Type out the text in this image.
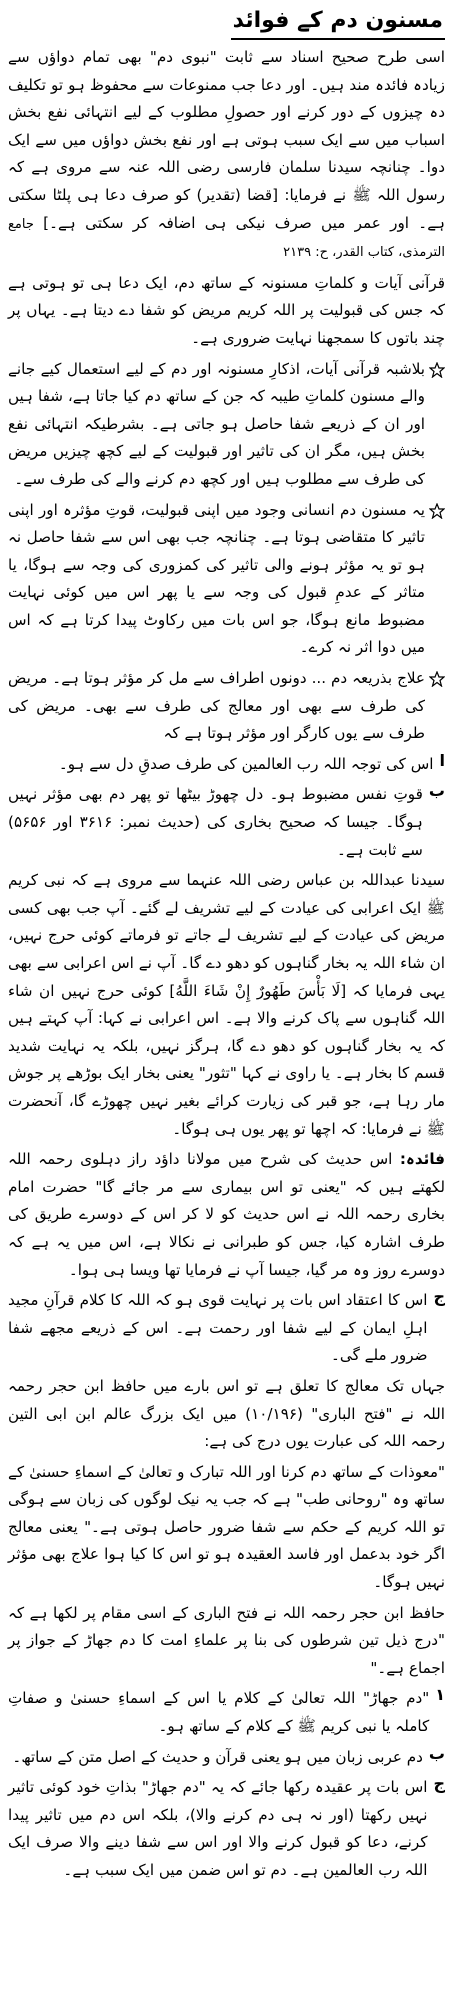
مسنون دم کے فوائد

اسی طرح صحیح اسناد سے ثابت "نبوی دم" بھی تمام دواؤں سے زیادہ فائدہ مند ہیں۔ اور دعا جب ممنوعات سے محفوظ ہو تو تکلیف دہ چیزوں کے دور کرنے اور حصولِ مطلوب کے لیے انتہائی نفع بخش اسباب میں سے ایک سبب ہوتی ہے اور نفع بخش دواؤں میں سے ایک دوا۔ چنانچہ سیدنا سلمان فارسی رضی اللہ عنہ سے مروی ہے کہ رسول اللہ ﷺ نے فرمایا: [قضا (تقدیر) کو صرف دعا ہی پلٹا سکتی ہے۔ اور عمر میں صرف نیکی ہی اضافہ کر سکتی ہے۔] جامع الترمذی، کتاب القدر، ح: ۲۱۳۹

قرآنی آیات و کلماتِ مسنونہ کے ساتھ دم، ایک دعا ہی تو ہوتی ہے کہ جس کی قبولیت پر اللہ کریم مریض کو شفا دے دیتا ہے۔ یہاں پر چند باتوں کا سمجھنا نہایت ضروری ہے۔

بلاشبہ قرآنی آیات، اذکارِ مسنونہ اور دم کے لیے استعمال کیے جانے والے مسنون کلماتِ طیبہ کہ جن کے ساتھ دم کیا جاتا ہے، شفا ہیں اور ان کے ذریعے شفا حاصل ہو جاتی ہے۔ بشرطیکہ انتہائی نفع بخش ہیں، مگر ان کی تاثیر اور قبولیت کے لیے کچھ چیزیں مریض کی طرف سے مطلوب ہیں اور کچھ دم کرنے والے کی طرف سے۔

یہ مسنون دم انسانی وجود میں اپنی قبولیت، قوتِ مؤثرہ اور اپنی تاثیر کا متقاضی ہوتا ہے۔ چنانچہ جب بھی اس سے شفا حاصل نہ ہو تو یہ مؤثر ہونے والی تاثیر کی کمزوری کی وجہ سے ہوگا، یا متاثر کے عدمِ قبول کی وجہ سے یا پھر اس میں کوئی نہایت مضبوط مانع ہوگا، جو اس بات میں رکاوٹ پیدا کرتا ہے کہ اس میں دوا اثر نہ کرے۔

علاج بذریعہ دم ... دونوں اطراف سے مل کر مؤثر ہوتا ہے۔ مریض کی طرف سے بھی اور معالج کی طرف سے بھی۔ مریض کی طرف سے یوں کارگر اور مؤثر ہوتا ہے کہ

ا

اس کی توجہ اللہ رب العالمین کی طرف صدقِ دل سے ہو۔

ب

قوتِ نفس مضبوط ہو۔ دل چھوڑ بیٹھا تو پھر دم بھی مؤثر نہیں ہوگا۔ جیسا کہ صحیح بخاری کی (حدیث نمبر: ۳۶۱۶ اور ۵۶۵۶) سے ثابت ہے۔

سیدنا عبداللہ بن عباس رضی اللہ عنہما سے مروی ہے کہ نبی کریم ﷺ ایک اعرابی کی عیادت کے لیے تشریف لے گئے۔ آپ جب بھی کسی مریض کی عیادت کے لیے تشریف لے جاتے تو فرماتے کوئی حرج نہیں، ان شاء اللہ یہ بخار گناہوں کو دھو دے گا۔ آپ نے اس اعرابی سے بھی یہی فرمایا کہ [لَا بَأْسَ طَهُورٌ إِنْ شَاءَ اللَّهُ] کوئی حرج نہیں ان شاء اللہ گناہوں سے پاک کرنے والا ہے۔ اس اعرابی نے کہا: آپ کہتے ہیں کہ یہ بخار گناہوں کو دھو دے گا، ہرگز نہیں، بلکہ یہ نہایت شدید قسم کا بخار ہے۔ یا راوی نے کہا "تثور" یعنی بخار ایک بوڑھے پر جوش مار رہا ہے، جو قبر کی زیارت کرائے بغیر نہیں چھوڑے گا، آنحضرت ﷺ نے فرمایا: کہ اچھا تو پھر یوں ہی ہوگا۔

فائدہ: اس حدیث کی شرح میں مولانا داؤد راز دہلوی رحمہ اللہ لکھتے ہیں کہ "یعنی تو اس بیماری سے مر جائے گا" حضرت امام بخاری رحمہ اللہ نے اس حدیث کو لا کر اس کے دوسرے طریق کی طرف اشارہ کیا، جس کو طبرانی نے نکالا ہے، اس میں یہ ہے کہ دوسرے روز وہ مر گیا، جیسا آپ نے فرمایا تھا ویسا ہی ہوا۔

ج

اس کا اعتقاد اس بات پر نہایت قوی ہو کہ اللہ کا کلام قرآنِ مجید اہلِ ایمان کے لیے شفا اور رحمت ہے۔ اس کے ذریعے مجھے شفا ضرور ملے گی۔

جہاں تک معالج کا تعلق ہے تو اس بارے میں حافظ ابن حجر رحمہ اللہ نے "فتح الباری" (۱۰/۱۹۶) میں ایک بزرگ عالم ابن ابی التین رحمہ اللہ کی عبارت یوں درج کی ہے:

"معوذات کے ساتھ دم کرنا اور اللہ تبارک و تعالیٰ کے اسماءِ حسنیٰ کے ساتھ وہ "روحانی طب" ہے کہ جب یہ نیک لوگوں کی زبان سے ہوگی تو اللہ کریم کے حکم سے شفا ضرور حاصل ہوتی ہے۔" یعنی معالج اگر خود بدعمل اور فاسد العقیدہ ہو تو اس کا کیا ہوا علاج بھی مؤثر نہیں ہوگا۔

حافظ ابن حجر رحمہ اللہ نے فتح الباری کے اسی مقام پر لکھا ہے کہ "درج ذیل تین شرطوں کی بنا پر علماءِ امت کا دم جھاڑ کے جواز پر اجماع ہے۔"

۱

"دم جھاڑ" اللہ تعالیٰ کے کلام یا اس کے اسماءِ حسنیٰ و صفاتِ کاملہ یا نبی کریم ﷺ کے کلام کے ساتھ ہو۔

ب

دم عربی زبان میں ہو یعنی قرآن و حدیث کے اصل متن کے ساتھ۔

ج

اس بات پر عقیدہ رکھا جائے کہ یہ "دم جھاڑ" بذاتِ خود کوئی تاثیر نہیں رکھتا (اور نہ ہی دم کرنے والا)، بلکہ اس دم میں تاثیر پیدا کرنے، دعا کو قبول کرنے والا اور اس سے شفا دینے والا صرف ایک اللہ رب العالمین ہے۔ دم تو اس ضمن میں ایک سبب ہے۔
